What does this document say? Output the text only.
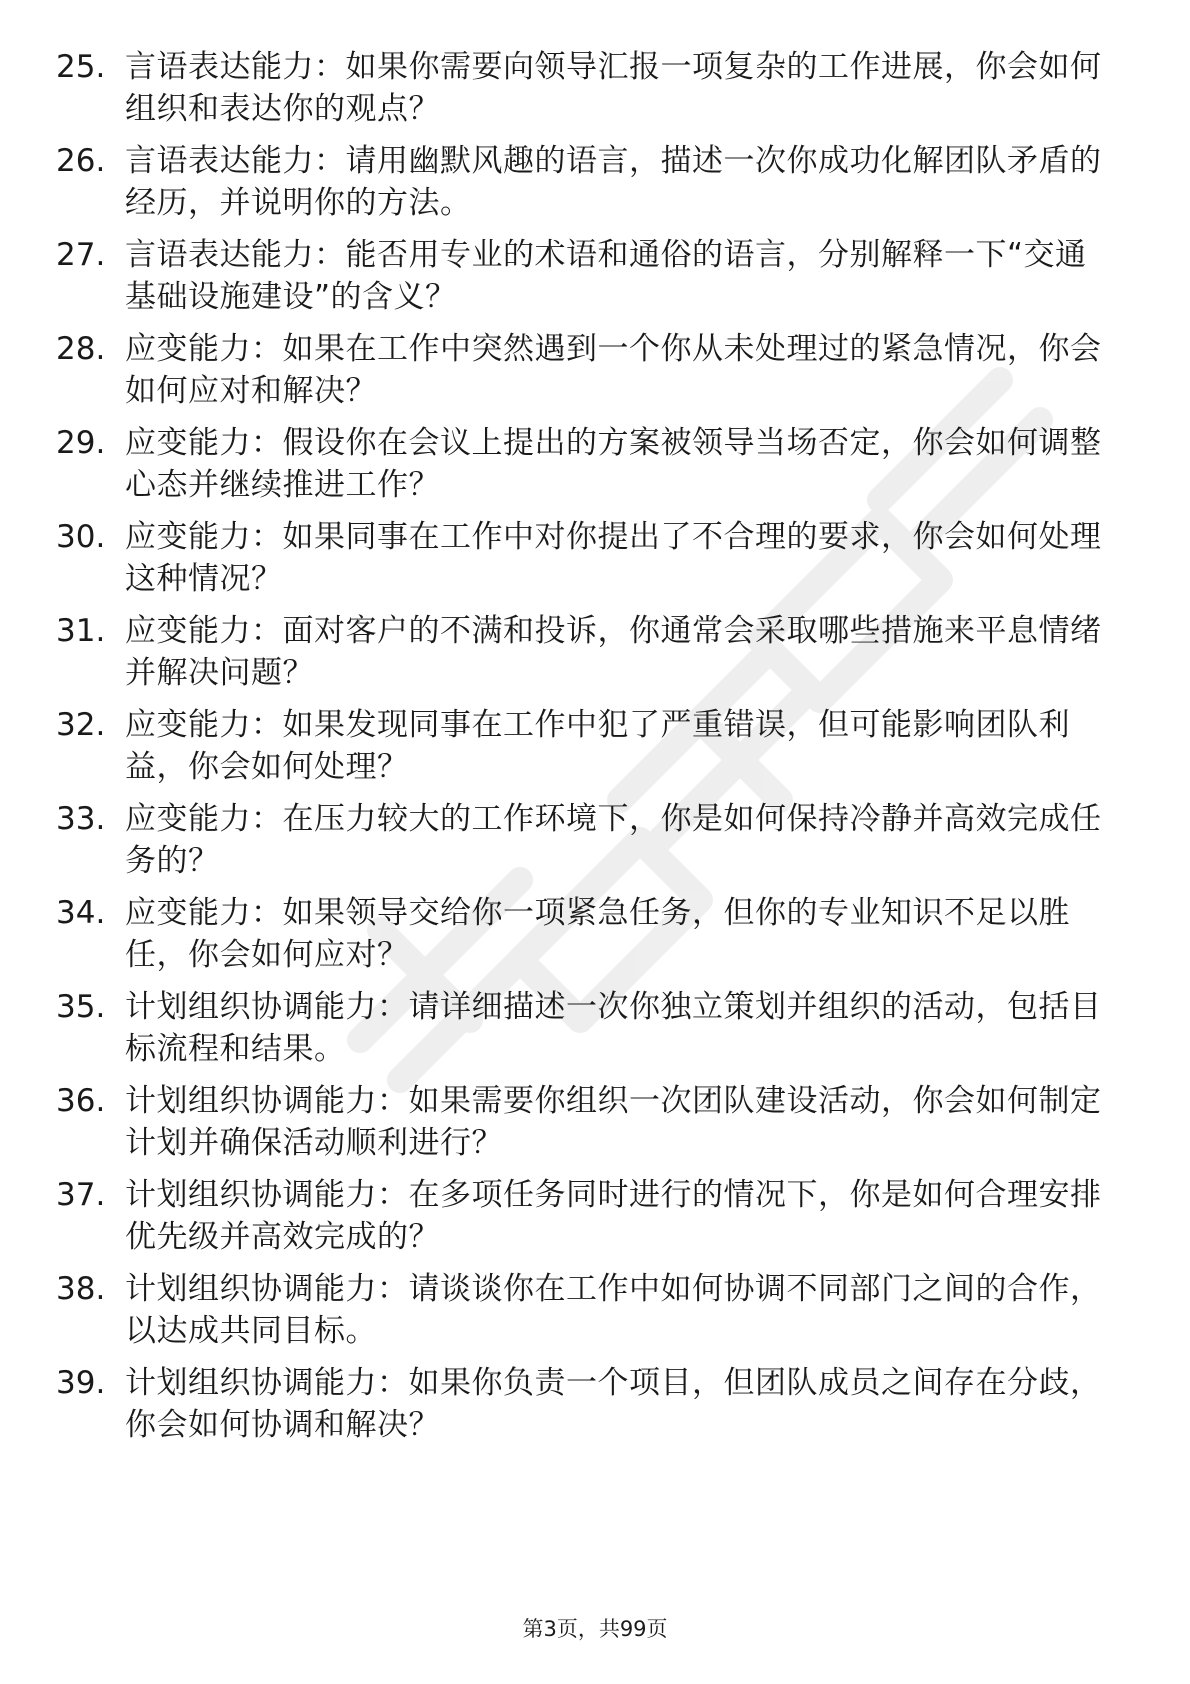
25. 言语表达能力：如果你需要向领导汇报一项复杂的工作进展，你会如何组织和表达你的观点？
26. 言语表达能力：请用幽默风趣的语言，描述一次你成功化解团队矛盾的经历，并说明你的方法。
27. 言语表达能力：能否用专业的术语和通俗的语言，分别解释一下“交通基础设施建设”的含义？
28. 应变能力：如果在工作中突然遇到一个你从未处理过的紧急情况，你会如何应对和解决？
29. 应变能力：假设你在会议上提出的方案被领导当场否定，你会如何调整心态并继续推进工作？
30. 应变能力：如果同事在工作中对你提出了不合理的要求，你会如何处理这种情况？
31. 应变能力：面对客户的不满和投诉，你通常会采取哪些措施来平息情绪并解决问题？
32. 应变能力：如果发现同事在工作中犯了严重错误，但可能影响团队利益，你会如何处理？
33. 应变能力：在压力较大的工作环境下，你是如何保持冷静并高效完成任务的？
34. 应变能力：如果领导交给你一项紧急任务，但你的专业知识不足以胜任，你会如何应对？
35. 计划组织协调能力：请详细描述一次你独立策划并组织的活动，包括目标流程和结果。
36. 计划组织协调能力：如果需要你组织一次团队建设活动，你会如何制定计划并确保活动顺利进行？
37. 计划组织协调能力：在多项任务同时进行的情况下，你是如何合理安排优先级并高效完成的？
38. 计划组织协调能力：请谈谈你在工作中如何协调不同部门之间的合作，以达成共同目标。
39. 计划组织协调能力：如果你负责一个项目，但团队成员之间存在分歧，你会如何协调和解决？
第3页，共99页
